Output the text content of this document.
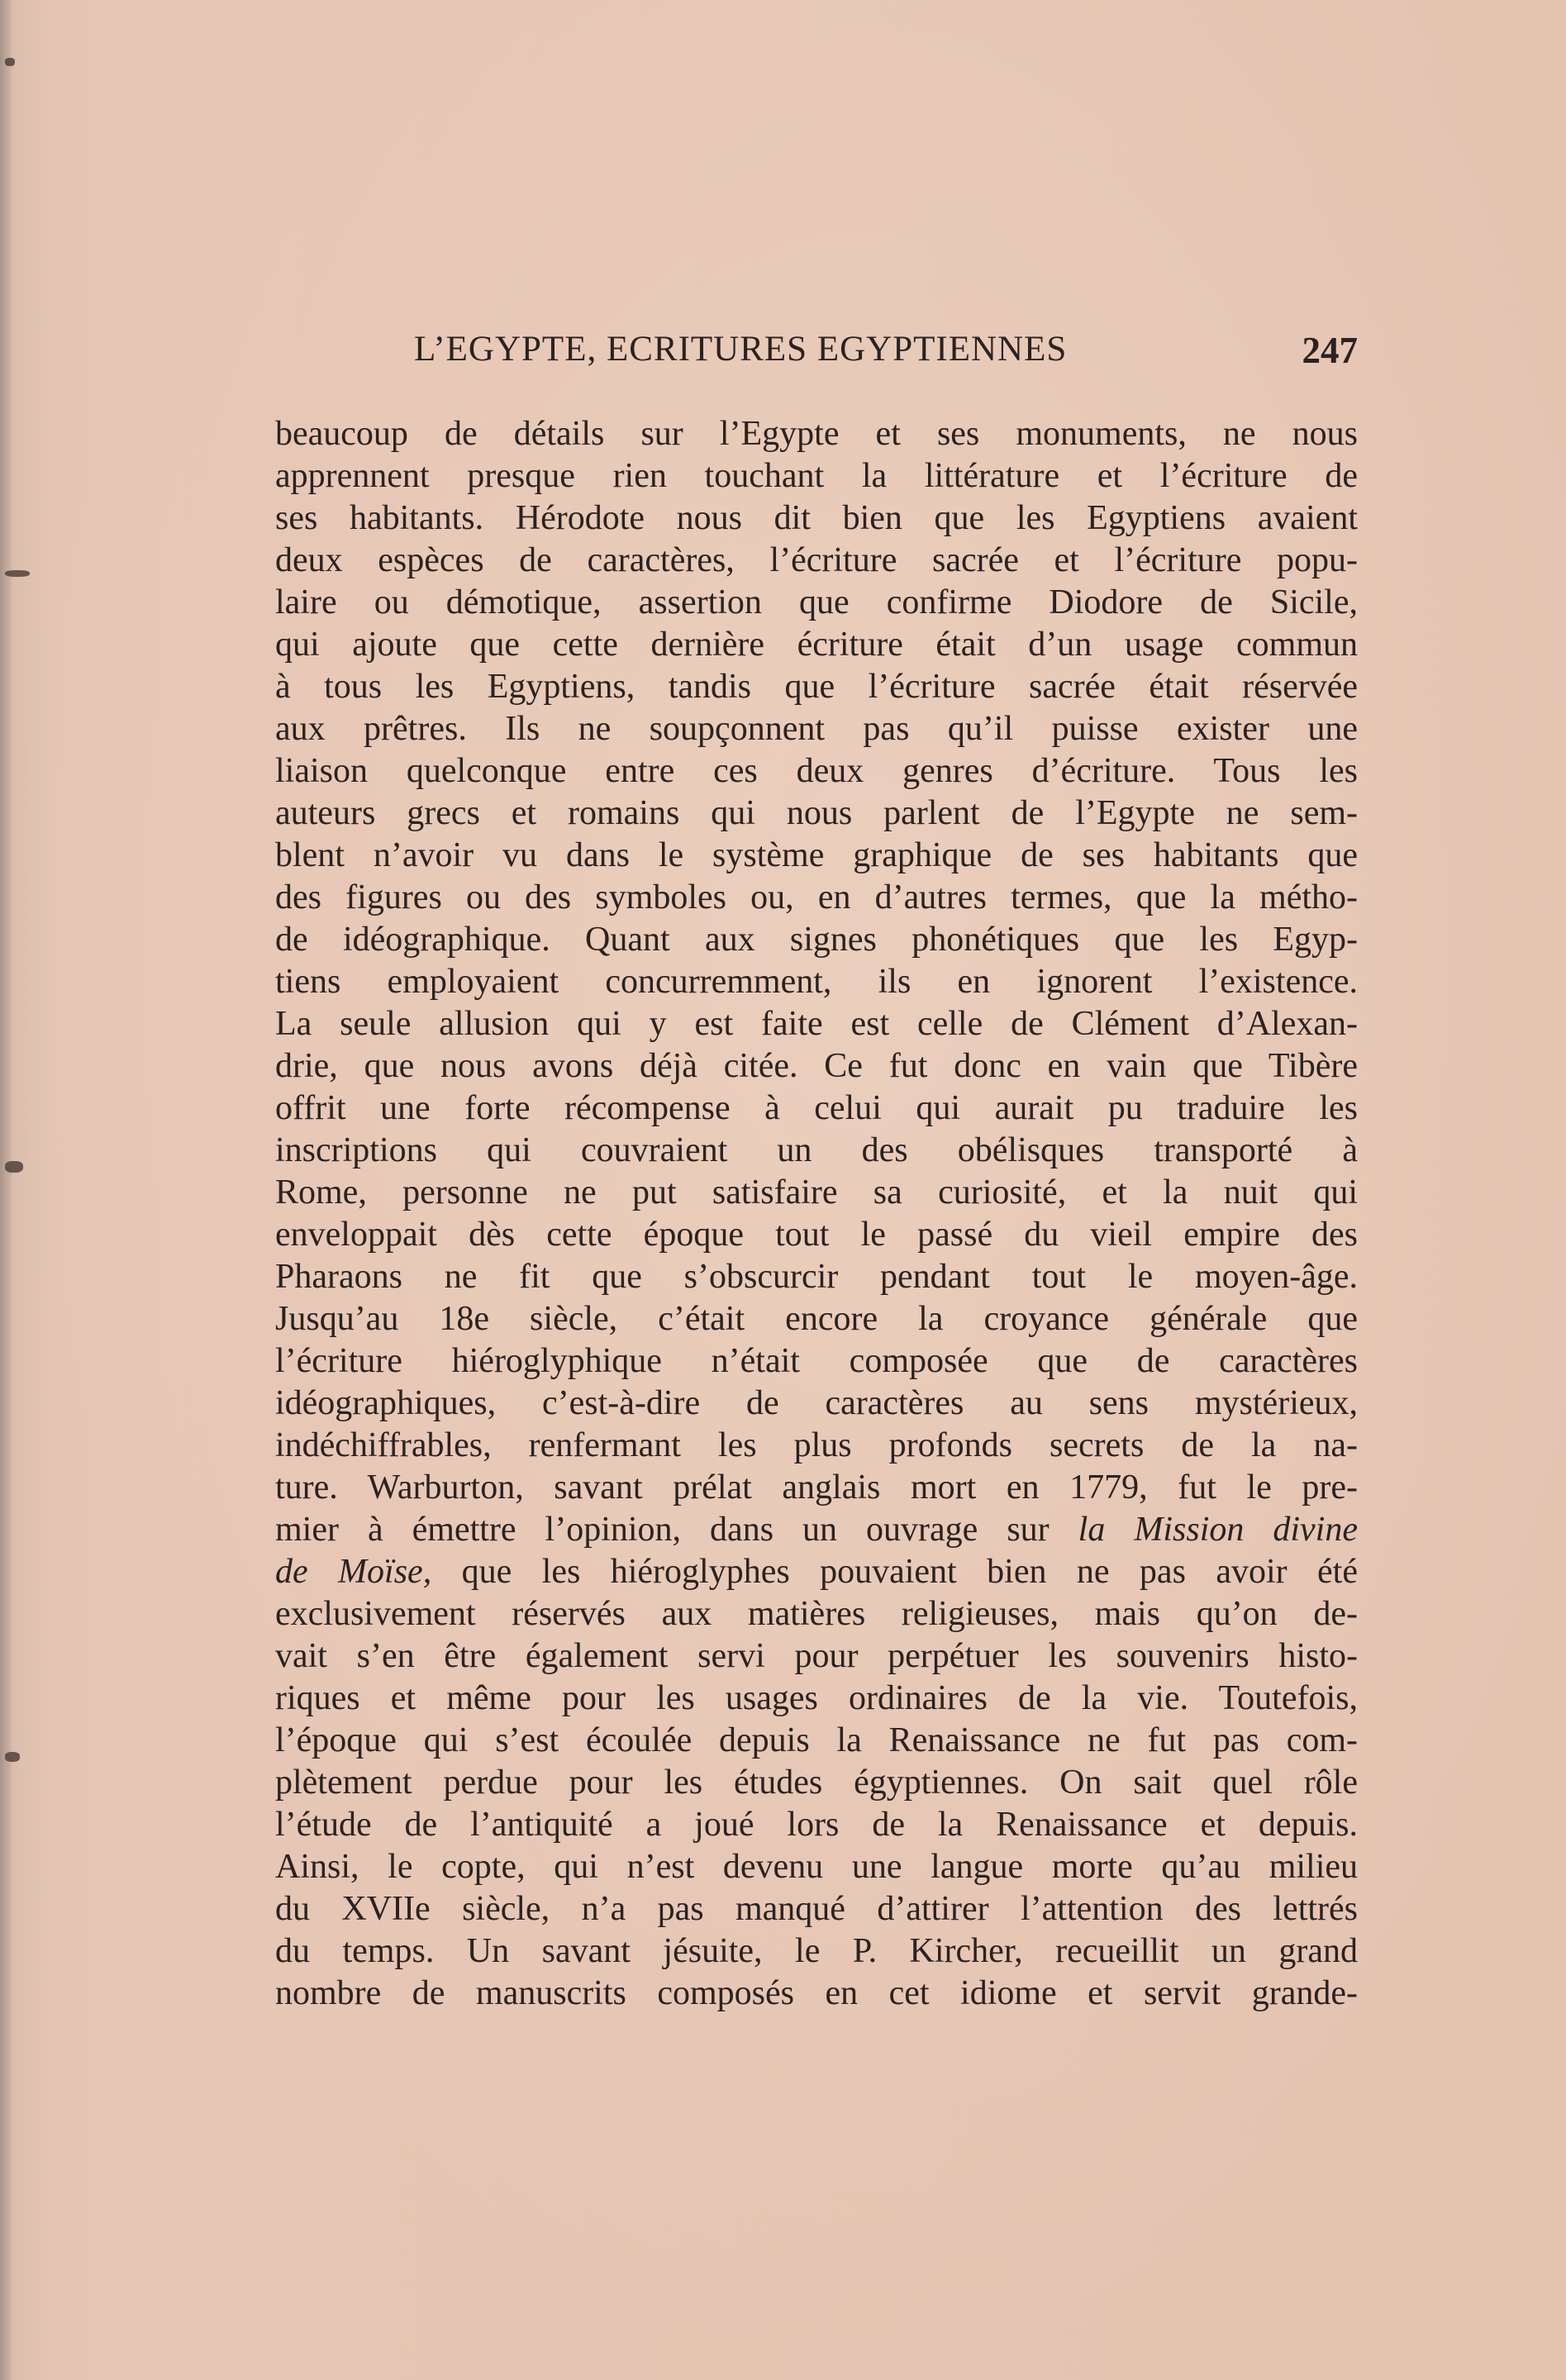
L’EGYPTE, ECRITURES EGYPTIENNES	247
beaucoup de détails sur l’Egypte et ses monuments, ne nous
apprennent presque rien touchant la littérature et l’écriture de
ses habitants. Hérodote nous dit bien que les Egyptiens avaient
deux espèces de caractères, l’écriture sacrée et l’écriture popu-
laire ou démotique, assertion que confirme Diodore de Sicile,
qui ajoute que cette dernière écriture était d’un usage commun
à tous les Egyptiens, tandis que l’écriture sacrée était réservée
aux prêtres. Ils ne soupçonnent pas qu’il puisse exister une
liaison quelconque entre ces deux genres d’écriture. Tous les
auteurs grecs et romains qui nous parlent de l’Egypte ne sem-
blent n’avoir vu dans le système graphique de ses habitants que
des figures ou des symboles ou, en d’autres termes, que la métho-
de idéographique. Quant aux signes phonétiques que les Egyp-
tiens employaient concurremment, ils en ignorent l’existence.
La seule allusion qui y est faite est celle de Clément d’Alexan-
drie, que nous avons déjà citée. Ce fut donc en vain que Tibère
offrit une forte récompense à celui qui aurait pu traduire les
inscriptions qui couvraient un des obélisques transporté à
Rome, personne ne put satisfaire sa curiosité, et la nuit qui
enveloppait dès cette époque tout le passé du vieil empire des
Pharaons ne fit que s’obscurcir pendant tout le moyen-âge.
Jusqu’au 18e siècle, c’était encore la croyance générale que
l’écriture hiéroglyphique n’était composée que de caractères
idéographiques, c’est-à-dire de caractères au sens mystérieux,
indéchiffrables, renfermant les plus profonds secrets de la na-
ture. Warburton, savant prélat anglais mort en 1779, fut le pre-
mier à émettre l’opinion, dans un ouvrage sur la Mission divine
de Moïse, que les hiéroglyphes pouvaient bien ne pas avoir été
exclusivement réservés aux matières religieuses, mais qu’on de-
vait s’en être également servi pour perpétuer les souvenirs histo-
riques et même pour les usages ordinaires de la vie. Toutefois,
l’époque qui s’est écoulée depuis la Renaissance ne fut pas com-
plètement perdue pour les études égyptiennes. On sait quel rôle
l’étude de l’antiquité a joué lors de la Renaissance et depuis.
Ainsi, le copte, qui n’est devenu une langue morte qu’au milieu
du XVIIe siècle, n’a pas manqué d’attirer l’attention des lettrés
du temps. Un savant jésuite, le P. Kircher, recueillit un grand
nombre de manuscrits composés en cet idiome et servit grande-
